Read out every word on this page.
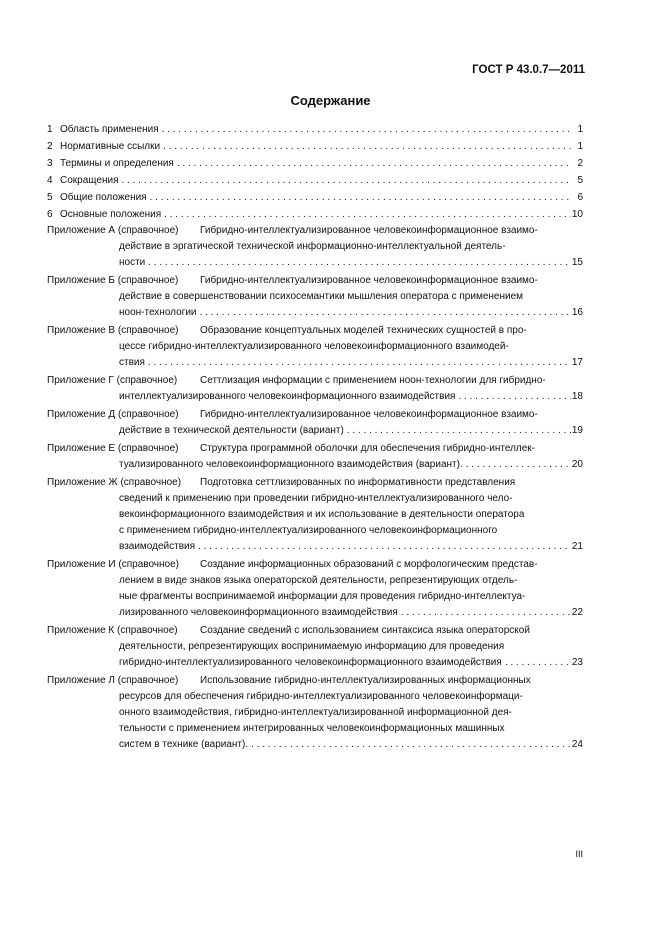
ГОСТ Р 43.0.7—2011
Содержание
1 Область применения . . .	1
2 Нормативные ссылки . . .	1
3 Термины и определения . . .	2
4 Сокращения . . .	5
5 Общие положения . . .	6
6 Основные положения . . .	10
Приложение А (справочное)	Гибридно-интеллектуализированное человекоинформационное взаимо-
действие в эргатической технической информационно-интеллектуальной деятель-
ности . . .	15
Приложение Б (справочное)	Гибридно-интеллектуализированное человекоинформационное взаимо-
действие в совершенствовании психосемантики мышления оператора с применением
ноон-технологии . . .	16
Приложение В (справочное)	Образование концептуальных моделей технических сущностей в про-
цессе гибридно-интеллектуализированного человекоинформационного взаимодей-
ствия . . .	17
Приложение Г (справочное)	Сеттлизация информации с применением ноон-технологии для гибридно-
интеллектуализированного человекоинформационного взаимодействия . . .	18
Приложение Д (справочное)	Гибридно-интеллектуализированное человекоинформационное взаимо-
действие в технической деятельности (вариант) . . .	19
Приложение Е (справочное)	Структура программной оболочки для обеспечения гибридно-интеллек-
туализированного человекоинформационного взаимодействия (вариант). . . .	20
Приложение Ж (справочное)	Подготовка сеттлизированных по информативности представления
сведений к применению при проведении гибридно-интеллектуализированного чело-
векоинформационного взаимодействия и их использование в деятельности оператора
с применением гибридно-интеллектуализированного человекоинформационного
взаимодействия . . .	21
Приложение И (справочное)	Создание информационных образований с морфологическим представ-
лением в виде знаков языка операторской деятельности, репрезентирующих отдель-
ные фрагменты воспринимаемой информации для проведения гибридно-интеллектуа-
лизированного человекоинформационного взаимодействия . . .	22
Приложение К (справочное)	Создание сведений с использованием синтаксиса языка операторской
деятельности, репрезентирующих воспринимаемую информацию для проведения
гибридно-интеллектуализированного человекоинформационного взаимодействия . . .	23
Приложение Л (справочное)	Использование гибридно-интеллектуализированных информационных
ресурсов для обеспечения гибридно-интеллектуализированного человекоинформаци-
онного взаимодействия, гибридно-интеллектуализированной информационной дея-
тельности с применением интегрированных человекоинформационных машинных
систем в технике (вариант). . . .	24
III
